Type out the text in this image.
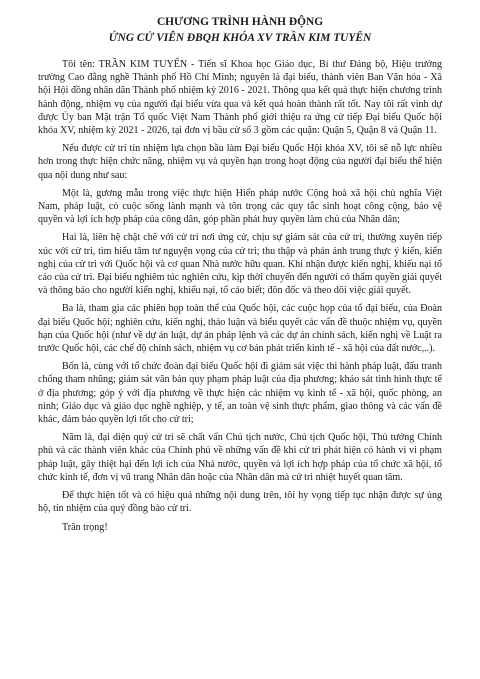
CHƯƠNG TRÌNH HÀNH ĐỘNG
ỨNG CỬ VIÊN ĐBQH KHÓA XV TRẦN KIM TUYẾN

Tôi tên: TRẦN KIM TUYẾN - Tiến sĩ Khoa học Giáo dục, Bí thư Đảng bộ, Hiệu trưởng trường Cao đẳng nghề Thành phố Hồ Chí Minh; nguyên là đại biểu, thành viên Ban Văn hóa - Xã hội Hội đồng nhân dân Thành phố nhiệm kỳ 2016 - 2021. Thông qua kết quả thực hiện chương trình hành động, nhiệm vụ của người đại biểu vừa qua và kết quả hoàn thành rất tốt. Nay tôi rất vinh dự được Ủy ban Mặt trận Tổ quốc Việt Nam Thành phố giới thiệu ra ứng cử tiếp Đại biểu Quốc hội khóa XV, nhiệm kỳ 2021 - 2026, tại đơn vị bầu cử số 3 gồm các quận: Quận 5, Quận 8 và Quận 11.

Nếu được cử tri tín nhiệm lựa chọn bầu làm Đại biểu Quốc Hội khóa XV, tôi sẽ nỗ lực nhiều hơn trong thực hiện chức năng, nhiệm vụ và quyền hạn trong hoạt động của người đại biểu thể hiện qua nội dung như sau:

Một là, gương mẫu trong việc thực hiện Hiến pháp nước Cộng hoà xã hội chủ nghĩa Việt Nam, pháp luật, có cuộc sống lành mạnh và tôn trọng các quy tắc sinh hoạt công cộng, bảo vệ quyền và lợi ích hợp pháp của công dân, góp phần phát huy quyền làm chủ của Nhân dân;

Hai là, liên hệ chặt chẽ với cử tri nơi ứng cử, chịu sự giám sát của cử tri, thường xuyên tiếp xúc với cử tri, tìm hiểu tâm tư nguyện vọng của cử tri; thu thập và phản ánh trung thực ý kiến, kiến nghị của cử tri với Quốc hội và cơ quan Nhà nước hữu quan. Khi nhận được kiến nghị, khiếu nại tố cáo của cử tri. Đại biểu nghiêm túc nghiên cứu, kịp thời chuyển đến người có thẩm quyền giải quyết và thông báo cho người kiến nghị, khiếu nại, tố cáo biết; đôn đốc và theo dõi việc giải quyết.

Ba là, tham gia các phiên họp toàn thể của Quốc hội, các cuộc họp của tổ đại biểu, của Đoàn đại biểu Quốc hội; nghiên cứu, kiến nghị, thảo luận và biểu quyết các vấn đề thuộc nhiệm vụ, quyền hạn của Quốc hội (như về dự án luật, dự án pháp lệnh và các dự án chính sách, kiến nghị về Luật ra trước Quốc hội, các chế độ chính sách, nhiệm vụ cơ bản phát triển kinh tế - xã hội của đất nước,..).

Bốn là, cùng với tổ chức đoàn đại biểu Quốc hội đi giám sát việc thi hành pháp luật, đấu tranh chống tham nhũng; giám sát văn bản quy phạm pháp luật của địa phương; khảo sát tình hình thực tế ở địa phương; góp ý với địa phương về thực hiện các nhiệm vụ kinh tế - xã hội, quốc phòng, an ninh; Giáo dục và giáo dục nghề nghiệp, y tế, an toàn vệ sinh thực phẩm, giao thông và các vấn đề khác, đảm bảo quyền lợi tốt cho cử tri;

Năm là, đại diện quý cử tri sẽ chất vấn Chủ tịch nước, Chủ tịch Quốc hội, Thủ tướng Chính phủ và các thành viên khác của Chính phủ về những vấn đề khi cử tri phát hiện có hành vi vi phạm pháp luật, gây thiệt hại đến lợi ích của Nhà nước, quyền và lợi ích hợp pháp của tổ chức xã hội, tổ chức kinh tế, đơn vị vũ trang Nhân dân hoặc của Nhân dân mà cử tri nhiệt huyết quan tâm.

Để thực hiện tốt và có hiệu quả những nội dung trên, tôi hy vọng tiếp tục nhận được sự ủng hộ, tín nhiệm của quý đồng bào cử tri.

Trân trọng!
